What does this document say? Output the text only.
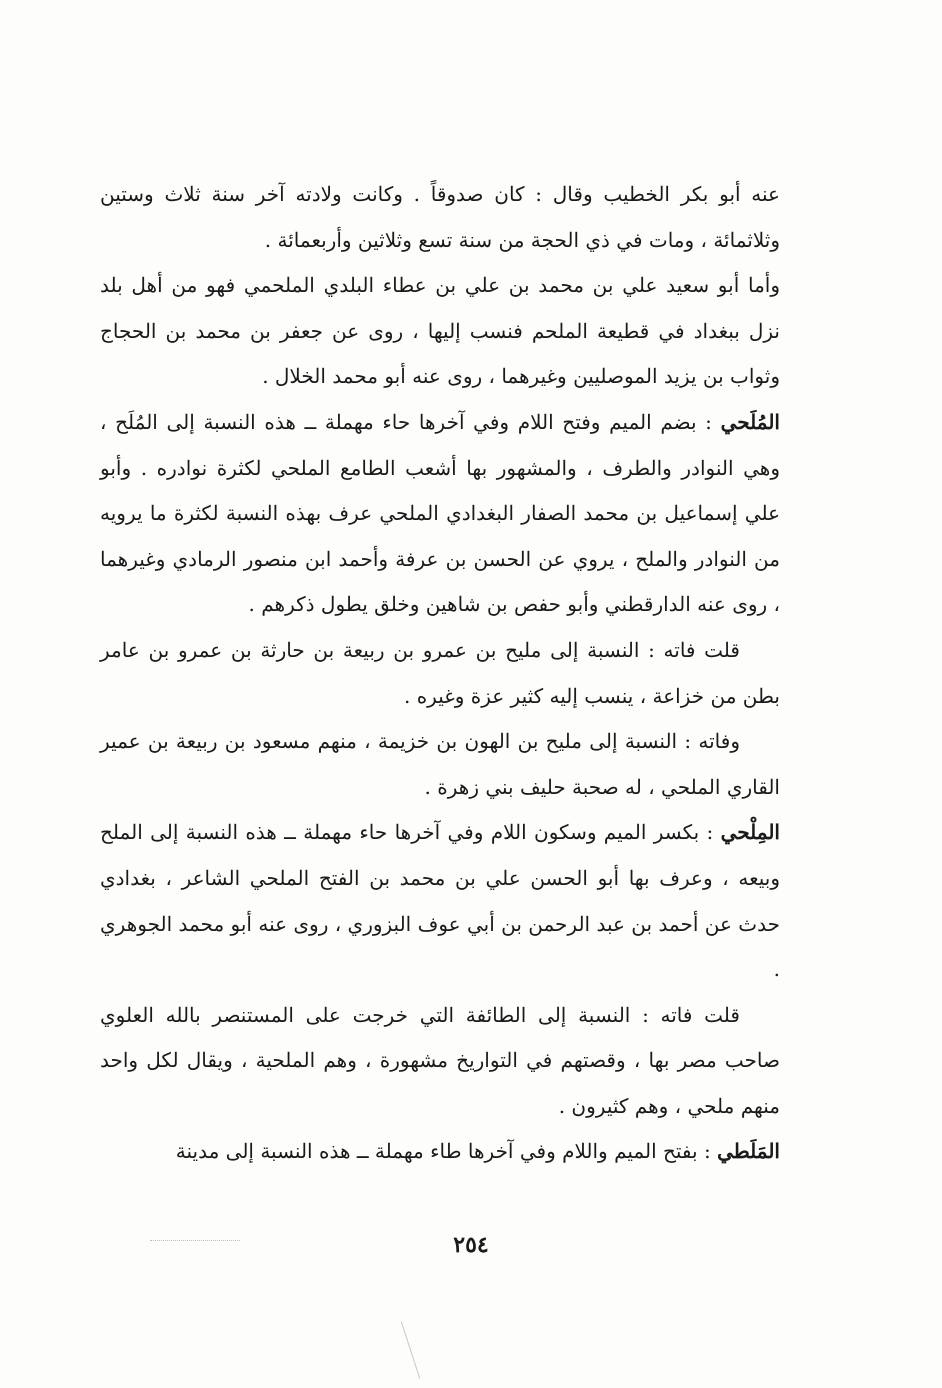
عنه أبو بكر الخطيب وقال : كان صدوقاً . وكانت ولادته آخر سنة ثلاث وستين وثلاثمائة ، ومات في ذي الحجة من سنة تسع وثلاثين وأربعمائة .

وأما أبو سعيد علي بن محمد بن علي بن عطاء البلدي الملحمي فهو من أهل بلد نزل ببغداد في قطيعة الملحم فنسب إليها ، روى عن جعفر بن محمد بن الحجاج وثواب بن يزيد الموصليين وغيرهما ، روى عنه أبو محمد الخلال .

المُلَحي : بضم الميم وفتح اللام وفي آخرها حاء مهملة ــ هذه النسبة إلى المُلَح ، وهي النوادر والطرف ، والمشهور بها أشعب الطامع الملحي لكثرة نوادره . وأبو علي إسماعيل بن محمد الصفار البغدادي الملحي عرف بهذه النسبة لكثرة ما يرويه من النوادر والملح ، يروي عن الحسن بن عرفة وأحمد ابن منصور الرمادي وغيرهما ، روى عنه الدارقطني وأبو حفص بن شاهين وخلق يطول ذكرهم .

قلت فاته : النسبة إلى مليح بن عمرو بن ربيعة بن حارثة بن عمرو بن عامر بطن من خزاعة ، ينسب إليه كثير عزة وغيره .

وفاته : النسبة إلى مليح بن الهون بن خزيمة ، منهم مسعود بن ربيعة بن عمير القاري الملحي ، له صحبة حليف بني زهرة .

المِلْحي : بكسر الميم وسكون اللام وفي آخرها حاء مهملة ــ هذه النسبة إلى الملح وبيعه ، وعرف بها أبو الحسن علي بن محمد بن الفتح الملحي الشاعر ، بغدادي حدث عن أحمد بن عبد الرحمن بن أبي عوف البزوري ، روى عنه أبو محمد الجوهري .

قلت فاته : النسبة إلى الطائفة التي خرجت على المستنصر بالله العلوي صاحب مصر بها ، وقصتهم في التواريخ مشهورة ، وهم الملحية ، ويقال لكل واحد منهم ملحي ، وهم كثيرون .

المَلَطي : بفتح الميم واللام وفي آخرها طاء مهملة ــ هذه النسبة إلى مدينة

٢٥٤
